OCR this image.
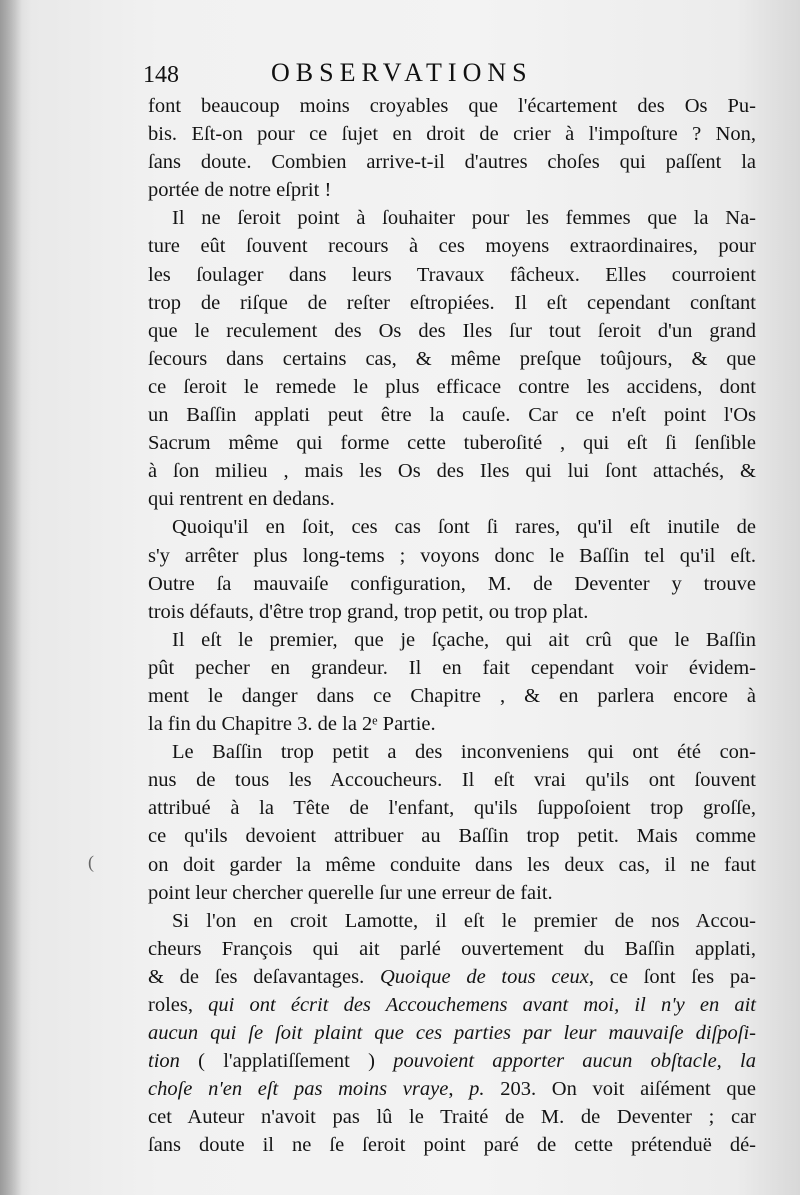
148	OBSERVATIONS
font beaucoup moins croyables que l'écartement des Os Pu-
bis. Eſt-on pour ce ſujet en droit de crier à l'impoſture ? Non,
ſans doute. Combien arrive-t-il d'autres choſes qui paſſent la
portée de notre eſprit !
Il ne ſeroit point à ſouhaiter pour les femmes que la Na-
ture eût ſouvent recours à ces moyens extraordinaires, pour
les ſoulager dans leurs Travaux fâcheux. Elles courroient
trop de riſque de reſter eſtropiées. Il eſt cependant conſtant
que le reculement des Os des Iles ſur tout ſeroit d'un grand
ſecours dans certains cas, & même preſque toûjours, & que
ce ſeroit le remede le plus efficace contre les accidens, dont
un Baſſin applati peut être la cauſe. Car ce n'eſt point l'Os
Sacrum même qui forme cette tuberoſité , qui eſt ſi ſenſible
à ſon milieu , mais les Os des Iles qui lui ſont attachés, &
qui rentrent en dedans.
Quoiqu'il en ſoit, ces cas ſont ſi rares, qu'il eſt inutile de
s'y arrêter plus long-tems ; voyons donc le Baſſin tel qu'il eſt.
Outre ſa mauvaiſe configuration, M. de Deventer y trouve
trois défauts, d'être trop grand, trop petit, ou trop plat.
Il eſt le premier, que je ſçache, qui ait crû que le Baſſin
pût pecher en grandeur. Il en fait cependant voir évidem-
ment le danger dans ce Chapitre , & en parlera encore à
la fin du Chapitre 3. de la 2ᵉ Partie.
Le Baſſin trop petit a des inconveniens qui ont été con-
nus de tous les Accoucheurs. Il eſt vrai qu'ils ont ſouvent
attribué à la Tête de l'enfant, qu'ils ſuppoſoient trop groſſe,
ce qu'ils devoient attribuer au Baſſin trop petit. Mais comme
on doit garder la même conduite dans les deux cas, il ne faut
point leur chercher querelle ſur une erreur de fait.
Si l'on en croit Lamotte, il eſt le premier de nos Accou-
cheurs François qui ait parlé ouvertement du Baſſin applati,
& de ſes deſavantages. Quoique de tous ceux, ce ſont ſes pa-
roles, qui ont écrit des Accouchemens avant moi, il n'y en ait
aucun qui ſe ſoit plaint que ces parties par leur mauvaiſe diſpoſi-
tion ( l'applatiſſement ) pouvoient apporter aucun obſtacle, la
choſe n'en eſt pas moins vraye, p. 203. On voit aiſément que
cet Auteur n'avoit pas lû le Traité de M. de Deventer ; car
ſans doute il ne ſe ſeroit point paré de cette prétenduë dé-
(
